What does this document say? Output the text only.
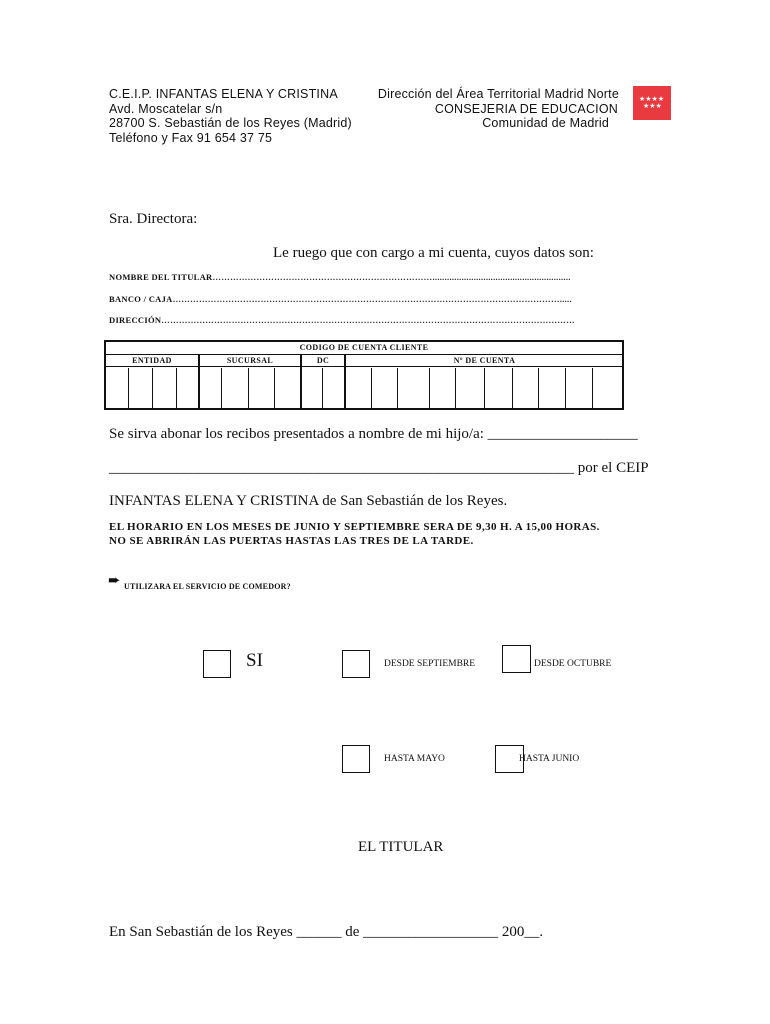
C.E.I.P. INFANTAS ELENA Y CRISTINA
Avd. Moscatelar s/n
28700 S. Sebastián de los Reyes (Madrid)
Teléfono y Fax 91 654 37 75
Dirección del Área Territorial Madrid Norte
CONSEJERIA DE EDUCACION
Comunidad de Madrid
★★★★
★★★
Sra. Directora:
Le ruego que con cargo a mi cuenta, cuyos datos son:
NOMBRE DEL TITULAR………………………………………………………………….........................................................
BANCO / CAJA…………………………………………………………………………………………………………………….....
DIRECCIÓN……………………………………………………………………………………………………………………………
CODIGO DE CUENTA CLIENTE
ENTIDAD	SUCURSAL	DC	Nº DE CUENTA
Se sirva abonar los recibos presentados a nombre de mi hijo/a: ____________________
______________________________________________________________ por el CEIP
INFANTAS ELENA Y CRISTINA de San Sebastián de los Reyes.
EL HORARIO EN LOS MESES DE JUNIO Y SEPTIEMBRE SERA DE 9,30 H. A 15,00 HORAS.
NO SE ABRIRÁN LAS PUERTAS HASTAS LAS TRES DE LA TARDE.
➨ UTILIZARA EL SERVICIO DE COMEDOR?
SI	DESDE SEPTIEMBRE	DESDE OCTUBRE
HASTA MAYO	HASTA JUNIO
EL TITULAR
En San Sebastián de los Reyes ______ de __________________ 200__.
